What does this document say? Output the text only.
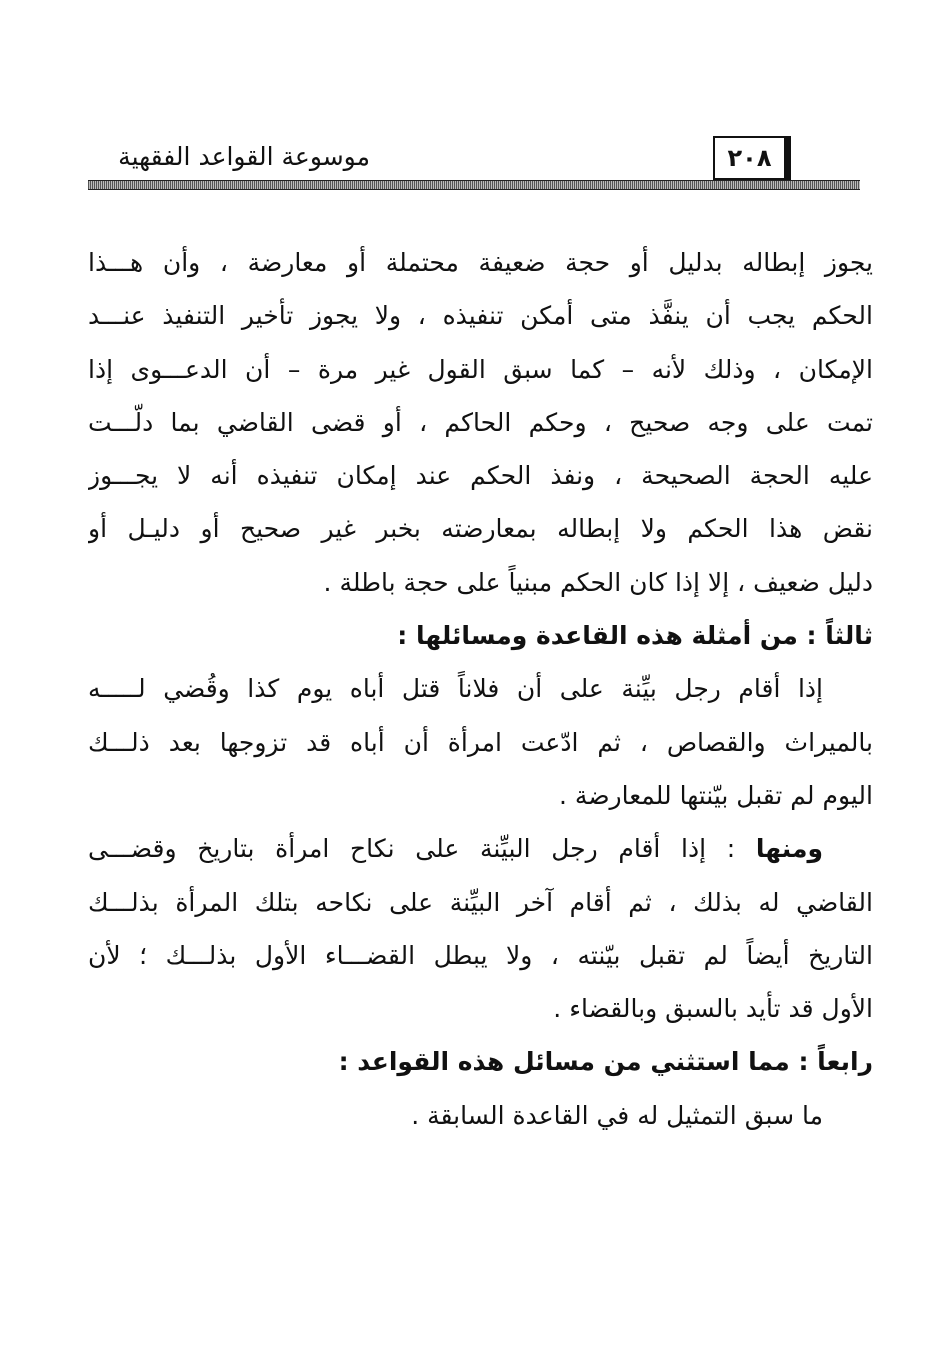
موسوعة القواعد الفقهية	٢٠٨
يجوز إبطاله بدليل أو حجة ضعيفة محتملة أو معارضة ، وأن هـــذا
الحكم يجب أن ينفَّذ متى أمكن تنفيذه ، ولا يجوز تأخير التنفيذ عنـــد
الإمكان ، وذلك لأنه – كما سبق القول غير مرة – أن الدعـــوى إذا
تمت على وجه صحيح ، وحكم الحاكم ، أو قضى القاضي بما دلّـــت
عليه الحجة الصحيحة ، ونفذ الحكم عند إمكان تنفيذه أنه لا يجـــوز
نقض هذا الحكم ولا إبطاله بمعارضته بخبر غير صحيح أو دليـل أو
دليل ضعيف ، إلا إذا كان الحكم مبنياً على حجة باطلة .
ثالثاً : من أمثلة هذه القاعدة ومسائلها :
إذا أقام رجل بيِّنة على أن فلاناً قتل أباه يوم كذا وقُضي لـــــه
بالميراث والقصاص ، ثم ادّعت امرأة أن أباه قد تزوجها بعد ذلـــك
اليوم لم تقبل بيّنتها للمعارضة .
ومنها : إذا أقام رجل البيِّنة على نكاح امرأة بتاريخ وقضـــى
القاضي له بذلك ، ثم أقام آخر البيِّنة على نكاحه بتلك المرأة بذلـــك
التاريخ أيضاً لم تقبل بيّنته ، ولا يبطل القضـــاء الأول بذلـــك ؛ لأن
الأول قد تأيد بالسبق وبالقضاء .
رابعاً : مما استثني من مسائل هذه القواعد :
ما سبق التمثيل له في القاعدة السابقة .
